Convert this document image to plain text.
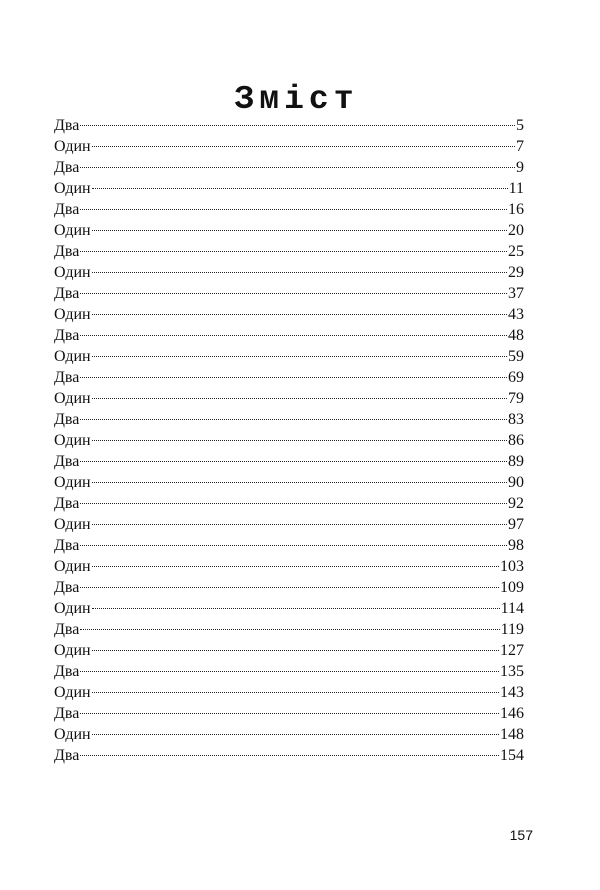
Зміст
Два	5
Один	7
Два	9
Один	11
Два	16
Один	20
Два	25
Один	29
Два	37
Один	43
Два	48
Один	59
Два	69
Один	79
Два	83
Один	86
Два	89
Один	90
Два	92
Один	97
Два	98
Один	103
Два	109
Один	114
Два	119
Один	127
Два	135
Один	143
Два	146
Один	148
Два	154
157
